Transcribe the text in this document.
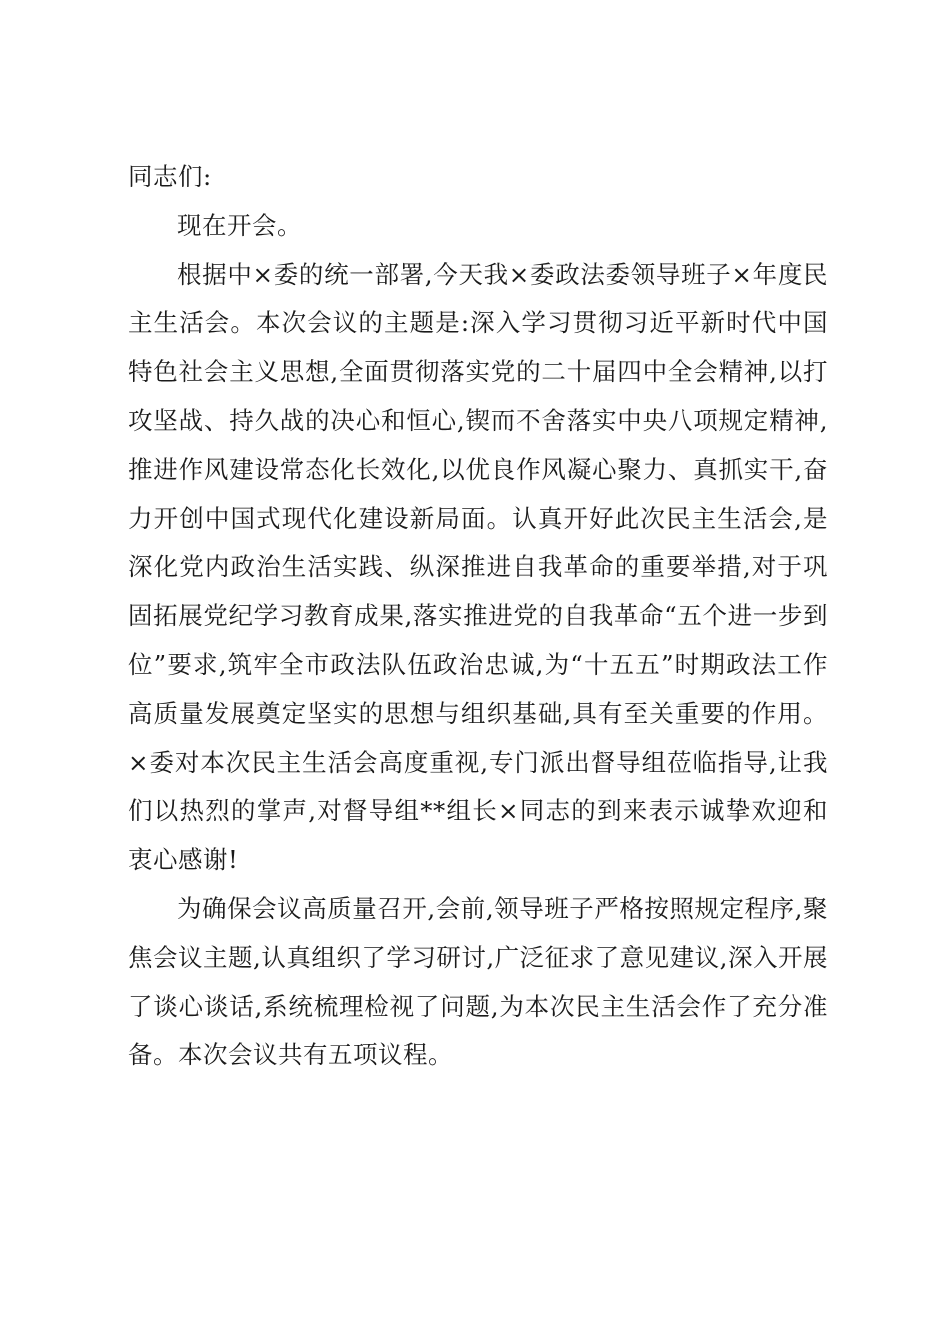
同志们:

现在开会。

根据中×委的统一部署,今天我×委政法委领导班子×年度民主生活会。本次会议的主题是:深入学习贯彻习近平新时代中国特色社会主义思想,全面贯彻落实党的二十届四中全会精神,以打攻坚战、持久战的决心和恒心,锲而不舍落实中央八项规定精神,推进作风建设常态化长效化,以优良作风凝心聚力、真抓实干,奋力开创中国式现代化建设新局面。认真开好此次民主生活会,是深化党内政治生活实践、纵深推进自我革命的重要举措,对于巩固拓展党纪学习教育成果,落实推进党的自我革命“五个进一步到位”要求,筑牢全市政法队伍政治忠诚,为“十五五”时期政法工作高质量发展奠定坚实的思想与组织基础,具有至关重要的作用。×委对本次民主生活会高度重视,专门派出督导组莅临指导,让我们以热烈的掌声,对督导组**组长×同志的到来表示诚挚欢迎和衷心感谢!

为确保会议高质量召开,会前,领导班子严格按照规定程序,聚焦会议主题,认真组织了学习研讨,广泛征求了意见建议,深入开展了谈心谈话,系统梳理检视了问题,为本次民主生活会作了充分准备。本次会议共有五项议程。
